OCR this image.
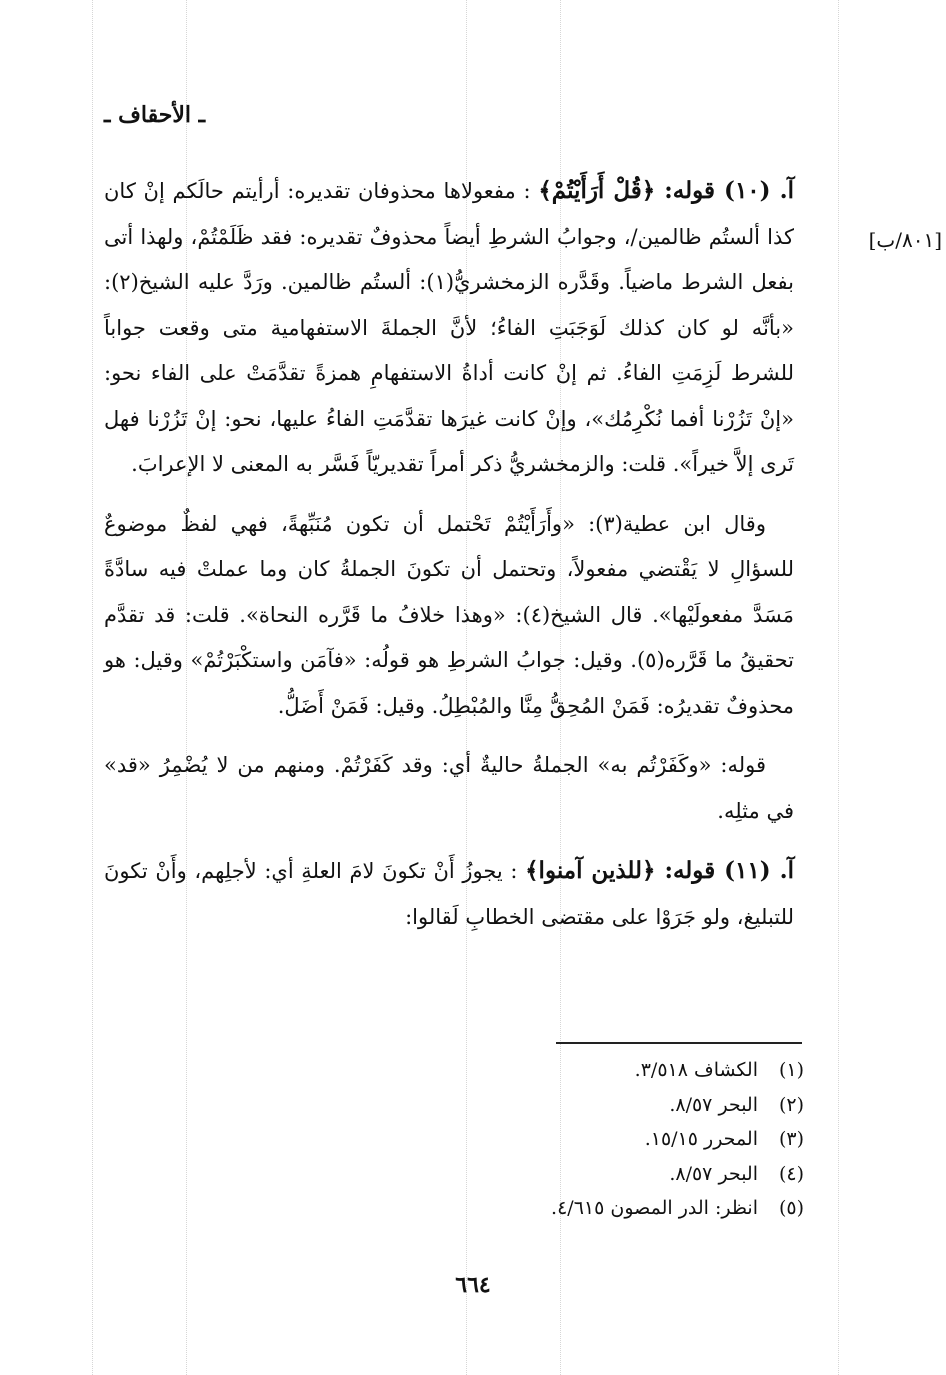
ـ الأحقاف ـ
[٨٠١/ب]

آ. (١٠) قوله: ﴿قُلْ أَرَأَيْتُمْ﴾ : مفعولاها محذوفان تقديره: أرأيتم حالَكم إنْ كان كذا ألستُم ظالمين/، وجوابُ الشرطِ أيضاً محذوفٌ تقديره: فقد ظَلَمْتُمْ، ولهذا أتى بفعل الشرط ماضياً. وقَدَّره الزمخشريُّ(١): ألستُم ظالمين. ورَدَّ عليه الشيخ(٢): «بأنَّه لو كان كذلك لَوَجَبَتِ الفاءُ؛ لأنَّ الجملةَ الاستفهامية متى وقعت جواباً للشرط لَزِمَتِ الفاءُ. ثم إنْ كانت أداةُ الاستفهامِ همزةً تقدَّمَتْ على الفاء نحو: «إنْ تَزُرْنا أفما نُكْرِمُك»، وإنْ كانت غيرَها تقدَّمَتِ الفاءُ عليها، نحو: إنْ تَزُرْنا فهل تَرى إلاَّ خيراً». قلت: والزمخشريُّ ذكر أمراً تقديريّاً فَسَّر به المعنى لا الإعرابَ.

وقال ابن عطية(٣): «وأَرَأَيْتُمْ تَحْتمل أن تكون مُنَبِّهةً، فهي لفظٌ موضوعٌ للسؤالِ لا يَقْتضي مفعولاً، وتحتمل أن تكونَ الجملةُ كان وما عملتْ فيه سادَّةً مَسَدَّ مفعولَيْها». قال الشيخ(٤): «وهذا خلافُ ما قَرَّره النحاة». قلت: قد تقدَّم تحقيقُ ما قَرَّره(٥). وقيل: جوابُ الشرطِ هو قولُه: «فآمَن واستكْبَرْتُمْ» وقيل: هو محذوفٌ تقديرُه: فَمَنْ المُحِقُّ مِنَّا والمُبْطِلُ. وقيل: فَمَنْ أَضَلُّ.

قوله: «وكَفَرْتُم به» الجملةُ حاليةٌ أي: وقد كَفَرْتُمْ. ومنهم من لا يُضْمِرُ «قد» في مثلِه.

آ. (١١) قوله: ﴿للذين آمنوا﴾ : يجوزُ أَنْ تكونَ لامَ العلةِ أي: لأجلِهم، وأَنْ تكونَ للتبليغ، ولو جَرَوْا على مقتضى الخطابِ لَقالوا:

(١)
الكشاف ٣/٥١٨.
(٢)
البحر ٨/٥٧.
(٣)
المحرر ١٥/١٥.
(٤)
البحر ٨/٥٧.
(٥)
انظر: الدر المصون ٤/٦١٥.
٦٦٤
